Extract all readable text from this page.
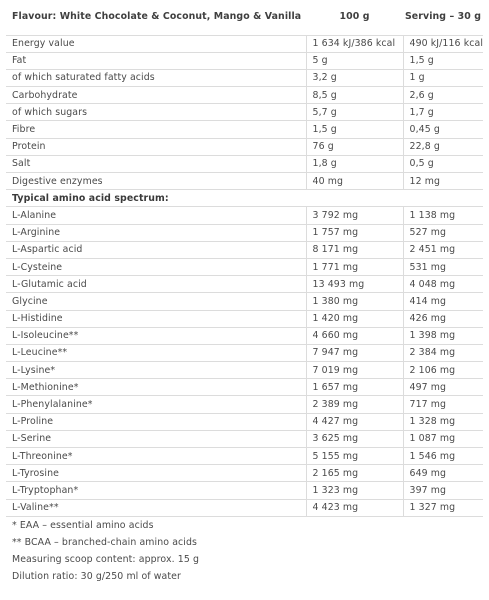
Flavour: White Chocolate & Coconut, Mango & Vanilla	100 g	Serving – 30 g
Energy value	1 634 kJ/386 kcal	490 kJ/116 kcal
Fat	5 g	1,5 g
of which saturated fatty acids	3,2 g	1 g
Carbohydrate	8,5 g	2,6 g
of which sugars	5,7 g	1,7 g
Fibre	1,5 g	0,45 g
Protein	76 g	22,8 g
Salt	1,8 g	0,5 g
Digestive enzymes	40 mg	12 mg
Typical amino acid spectrum:		
L-Alanine	3 792 mg	1 138 mg
L-Arginine	1 757 mg	527 mg
L-Aspartic acid	8 171 mg	2 451 mg
L-Cysteine	1 771 mg	531 mg
L-Glutamic acid	13 493 mg	4 048 mg
Glycine	1 380 mg	414 mg
L-Histidine	1 420 mg	426 mg
L-Isoleucine**	4 660 mg	1 398 mg
L-Leucine**	7 947 mg	2 384 mg
L-Lysine*	7 019 mg	2 106 mg
L-Methionine*	1 657 mg	497 mg
L-Phenylalanine*	2 389 mg	717 mg
L-Proline	4 427 mg	1 328 mg
L-Serine	3 625 mg	1 087 mg
L-Threonine*	5 155 mg	1 546 mg
L-Tyrosine	2 165 mg	649 mg
L-Tryptophan*	1 323 mg	397 mg
L-Valine**	4 423 mg	1 327 mg
* EAA – essential amino acids		
** BCAA – branched-chain amino acids		
Measuring scoop content: approx. 15 g		
Dilution ratio: 30 g/250 ml of water		
